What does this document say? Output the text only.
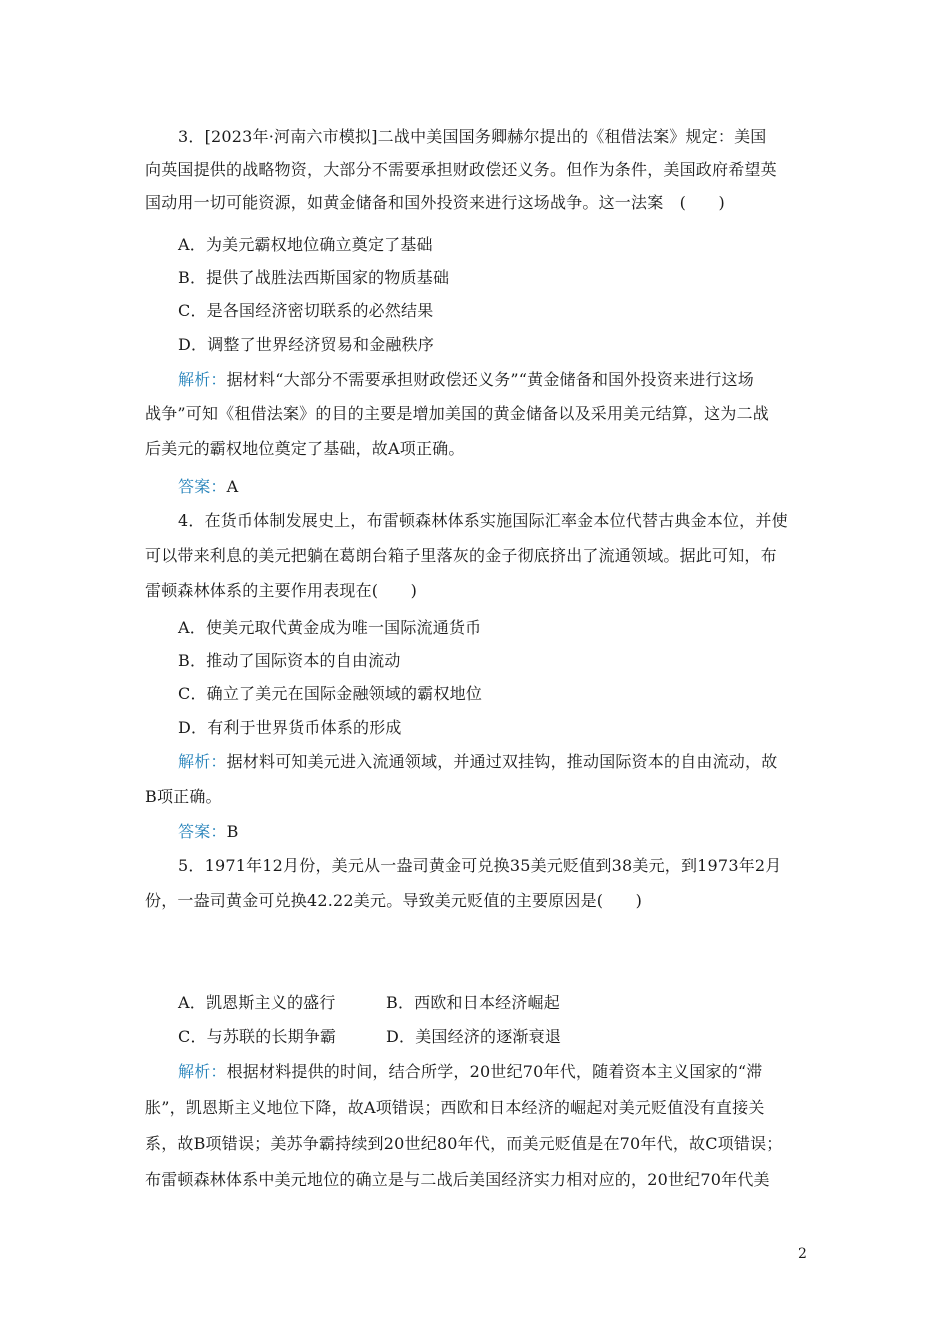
3．[2023年·河南六市模拟]二战中美国国务卿赫尔提出的《租借法案》规定：美国
向英国提供的战略物资，大部分不需要承担财政偿还义务。但作为条件，美国政府希望英
国动用一切可能资源，如黄金储备和国外投资来进行这场战争。这一法案　(　　)
A．为美元霸权地位确立奠定了基础
B．提供了战胜法西斯国家的物质基础
C．是各国经济密切联系的必然结果
D．调整了世界经济贸易和金融秩序
解析：据材料“大部分不需要承担财政偿还义务”“黄金储备和国外投资来进行这场
战争”可知《租借法案》的目的主要是增加美国的黄金储备以及采用美元结算，这为二战
后美元的霸权地位奠定了基础，故A项正确。
答案：A
4．在货币体制发展史上，布雷顿森林体系实施国际汇率金本位代替古典金本位，并使
可以带来利息的美元把躺在葛朗台箱子里落灰的金子彻底挤出了流通领域。据此可知，布
雷顿森林体系的主要作用表现在(　　)
A．使美元取代黄金成为唯一国际流通货币
B．推动了国际资本的自由流动
C．确立了美元在国际金融领域的霸权地位
D．有利于世界货币体系的形成
解析：据材料可知美元进入流通领域，并通过双挂钩，推动国际资本的自由流动，故
B项正确。
答案：B
5．1971年12月份，美元从一盎司黄金可兑换35美元贬值到38美元，到1973年2月
份，一盎司黄金可兑换42.22美元。导致美元贬值的主要原因是(　　)
A．凯恩斯主义的盛行	B．西欧和日本经济崛起
C．与苏联的长期争霸	D．美国经济的逐渐衰退
解析：根据材料提供的时间，结合所学，20世纪70年代，随着资本主义国家的“滞
胀”，凯恩斯主义地位下降，故A项错误；西欧和日本经济的崛起对美元贬值没有直接关
系，故B项错误；美苏争霸持续到20世纪80年代，而美元贬值是在70年代，故C项错误；
布雷顿森林体系中美元地位的确立是与二战后美国经济实力相对应的，20世纪70年代美
2
